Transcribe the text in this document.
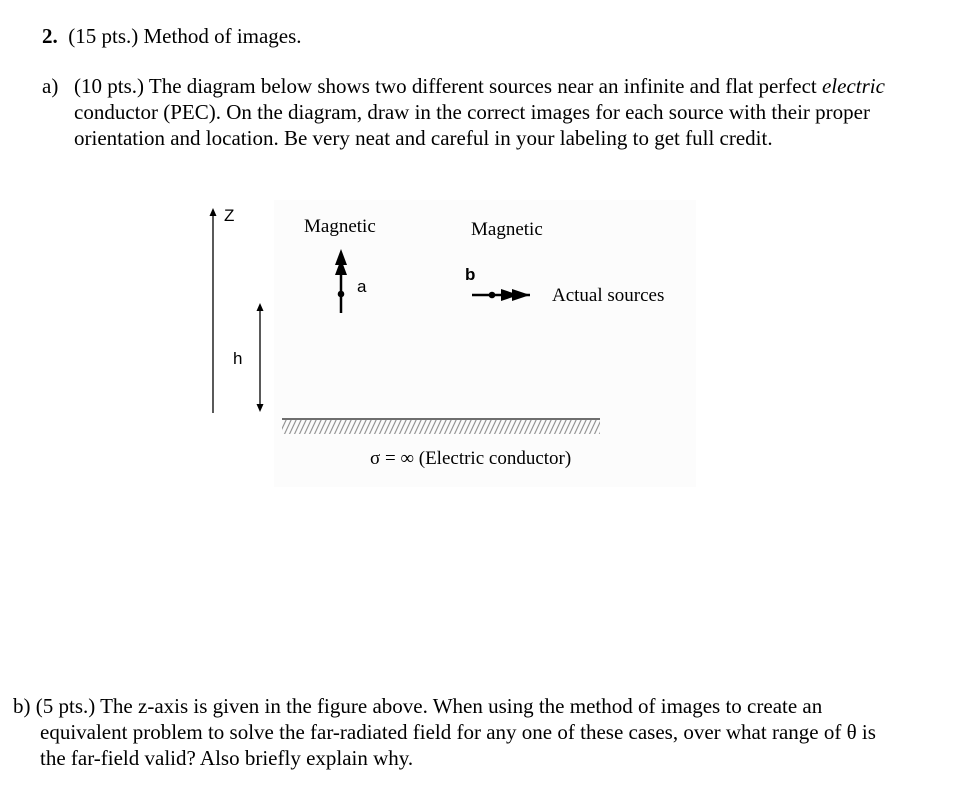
2. (15 pts.) Method of images.
a) (10 pts.) The diagram below shows two different sources near an infinite and flat perfect electric
conductor (PEC). On the diagram, draw in the correct images for each source with their proper
orientation and location. Be very neat and careful in your labeling to get full credit.
Z
h
Magnetic
a
Magnetic
b
Actual sources
σ = ∞ (Electric conductor)
b) (5 pts.) The z-axis is given in the figure above. When using the method of images to create an
equivalent problem to solve the far-radiated field for any one of these cases, over what range of θ is
the far-field valid? Also briefly explain why.
